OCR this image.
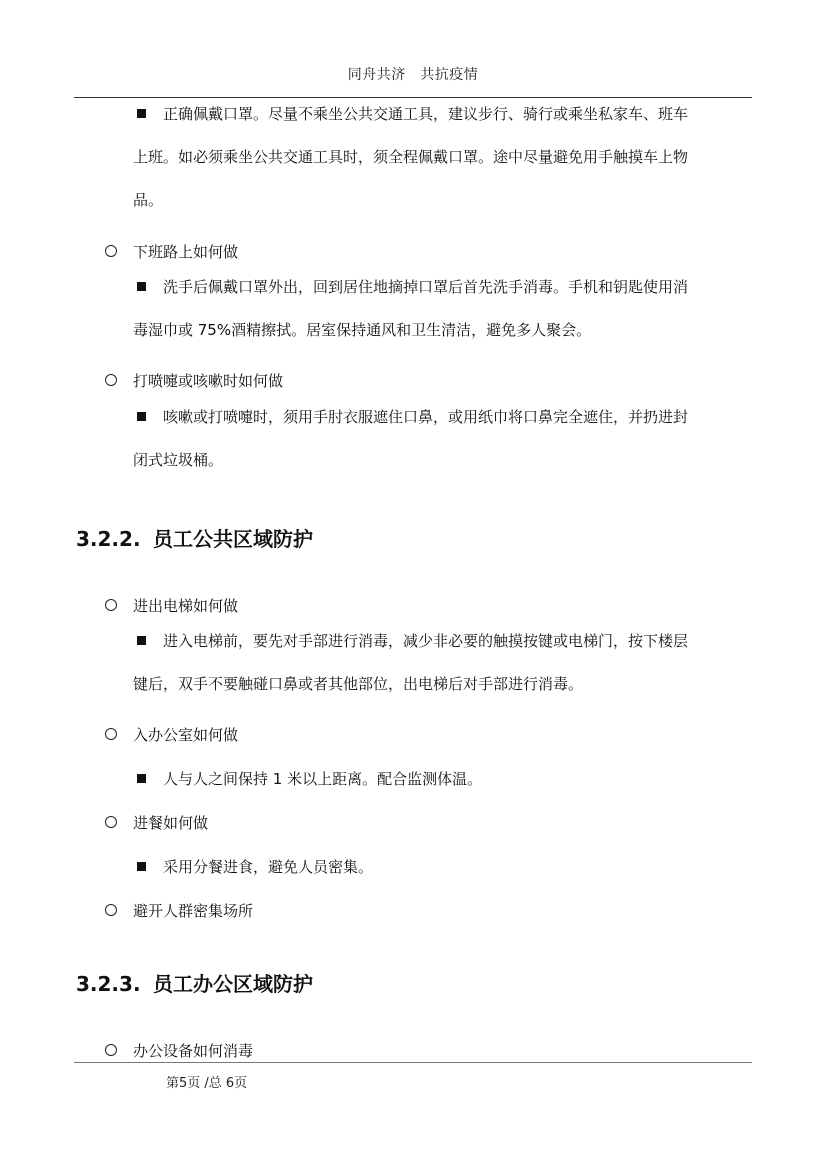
同舟共济　共抗疫情
正确佩戴口罩。尽量不乘坐公共交通工具，建议步行、骑行或乘坐私家车、班车
上班。如必须乘坐公共交通工具时，须全程佩戴口罩。途中尽量避免用手触摸车上物
品。
下班路上如何做
洗手后佩戴口罩外出，回到居住地摘掉口罩后首先洗手消毒。手机和钥匙使用消
毒湿巾或 75%酒精擦拭。居室保持通风和卫生清洁，避免多人聚会。
打喷嚏或咳嗽时如何做
咳嗽或打喷嚏时，须用手肘衣服遮住口鼻，或用纸巾将口鼻完全遮住，并扔进封
闭式垃圾桶。
3.2.2. 员工公共区域防护
进出电梯如何做
进入电梯前，要先对手部进行消毒，减少非必要的触摸按键或电梯门，按下楼层
键后，双手不要触碰口鼻或者其他部位，出电梯后对手部进行消毒。
入办公室如何做
人与人之间保持 1 米以上距离。配合监测体温。
进餐如何做
采用分餐进食，避免人员密集。
避开人群密集场所
3.2.3. 员工办公区域防护
办公设备如何消毒
第5页 /总 6页
